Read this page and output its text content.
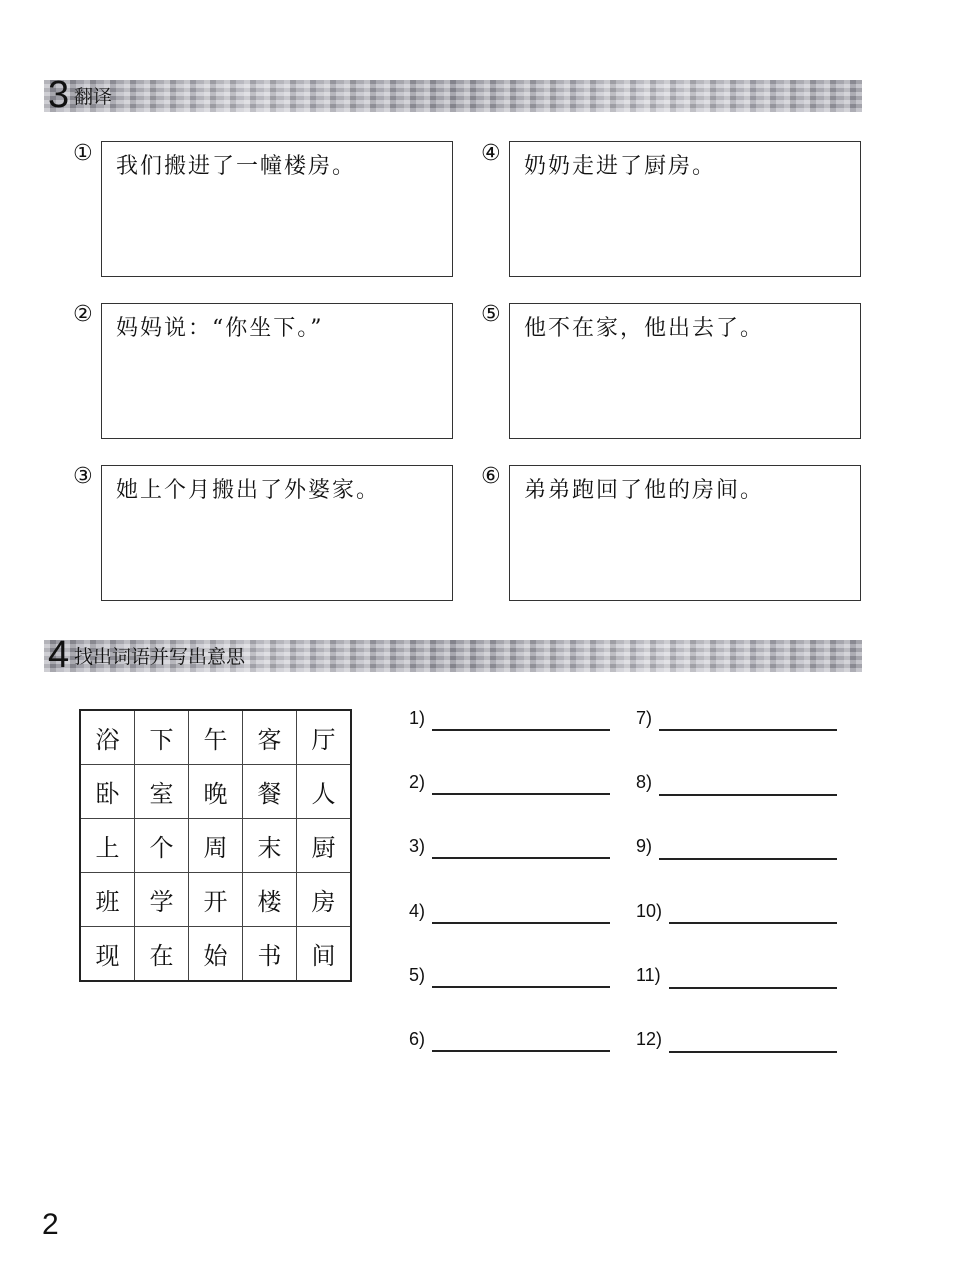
3 翻译
①
我们搬进了一幢楼房。
②
妈妈说：“你坐下。”
③
她上个月搬出了外婆家。
④
奶奶走进了厨房。
⑤
他不在家，他出去了。
⑥
弟弟跑回了他的房间。
4 找出词语并写出意思
浴	下	午	客	厅
卧	室	晚	餐	人
上	个	周	末	厨
班	学	开	楼	房
现	在	始	书	间
1)
2)
3)
4)
5)
6)
7)
8)
9)
10)
11)
12)
2
